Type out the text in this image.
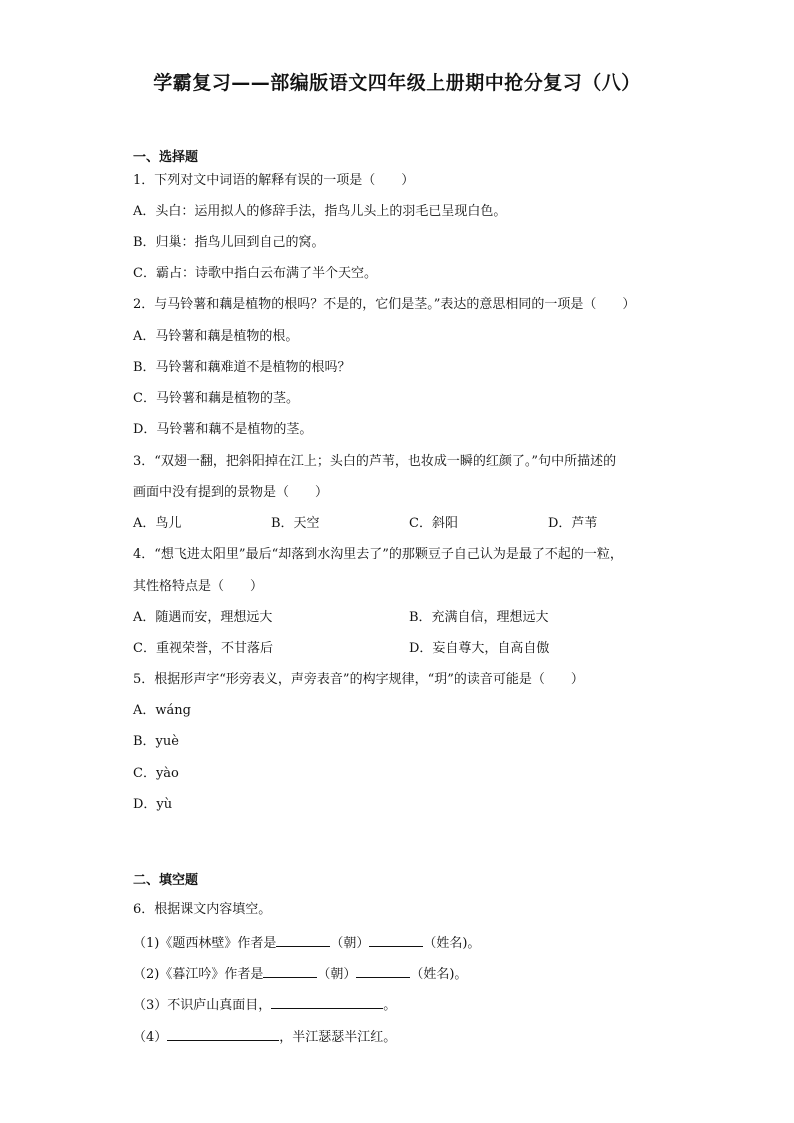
学霸复习——部编版语文四年级上册期中抢分复习（八）
一、选择题
1．下列对文中词语的解释有误的一项是（　　）
A．头白：运用拟人的修辞手法，指鸟儿头上的羽毛已呈现白色。
B．归巢：指鸟儿回到自己的窝。
C．霸占：诗歌中指白云布满了半个天空。
2．与马铃薯和藕是植物的根吗？不是的，它们是茎。”表达的意思相同的一项是（　　）
A．马铃薯和藕是植物的根。
B．马铃薯和藕难道不是植物的根吗？
C．马铃薯和藕是植物的茎。
D．马铃薯和藕不是植物的茎。
3．“双翅一翻，把斜阳掉在江上；头白的芦苇，也妆成一瞬的红颜了。”句中所描述的
画面中没有提到的景物是（　　）
A．鸟儿	B．天空	C．斜阳	D．芦苇
4．“想飞进太阳里”最后“却落到水沟里去了”的那颗豆子自己认为是最了不起的一粒，
其性格特点是（　　）
A．随遇而安，理想远大	B．充满自信，理想远大
C．重视荣誉，不甘落后	D．妄自尊大，自高自傲
5．根据形声字“形旁表义，声旁表音”的构字规律，“玥”的读音可能是（　　）
A．wáng
B．yuè
C．yào
D．yù
二、填空题
6．根据课文内容填空。
（1)《题西林壁》作者是	（朝）	（姓名)。
（2)《暮江吟》作者是	（朝）	（姓名)。
（3）不识庐山真面目，	。
（4）	，半江瑟瑟半江红。
